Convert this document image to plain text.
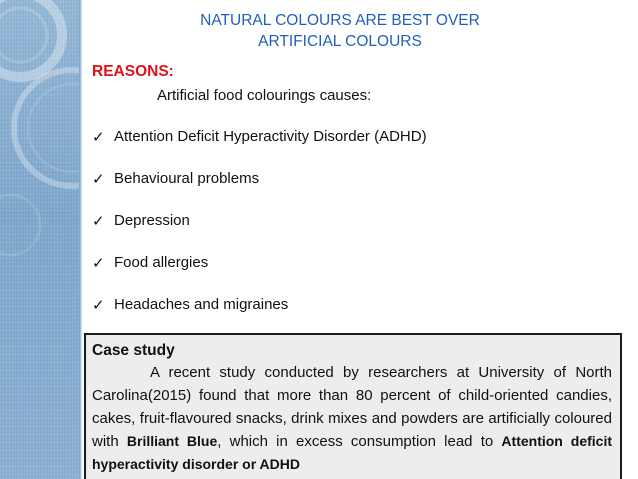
NATURAL COLOURS ARE BEST OVER
ARTIFICIAL COLOURS
REASONS:
Artificial food colourings causes:
✓ Attention Deficit Hyperactivity Disorder (ADHD)
✓ Behavioural problems
✓ Depression
✓ Food allergies
✓ Headaches and migraines
Case study
A recent study conducted by researchers at University of North Carolina(2015) found that more than 80 percent of child-oriented candies, cakes, fruit-flavoured snacks, drink mixes and powders are artificially coloured with Brilliant Blue, which in excess consumption lead to Attention deficit hyperactivity disorder or ADHD
